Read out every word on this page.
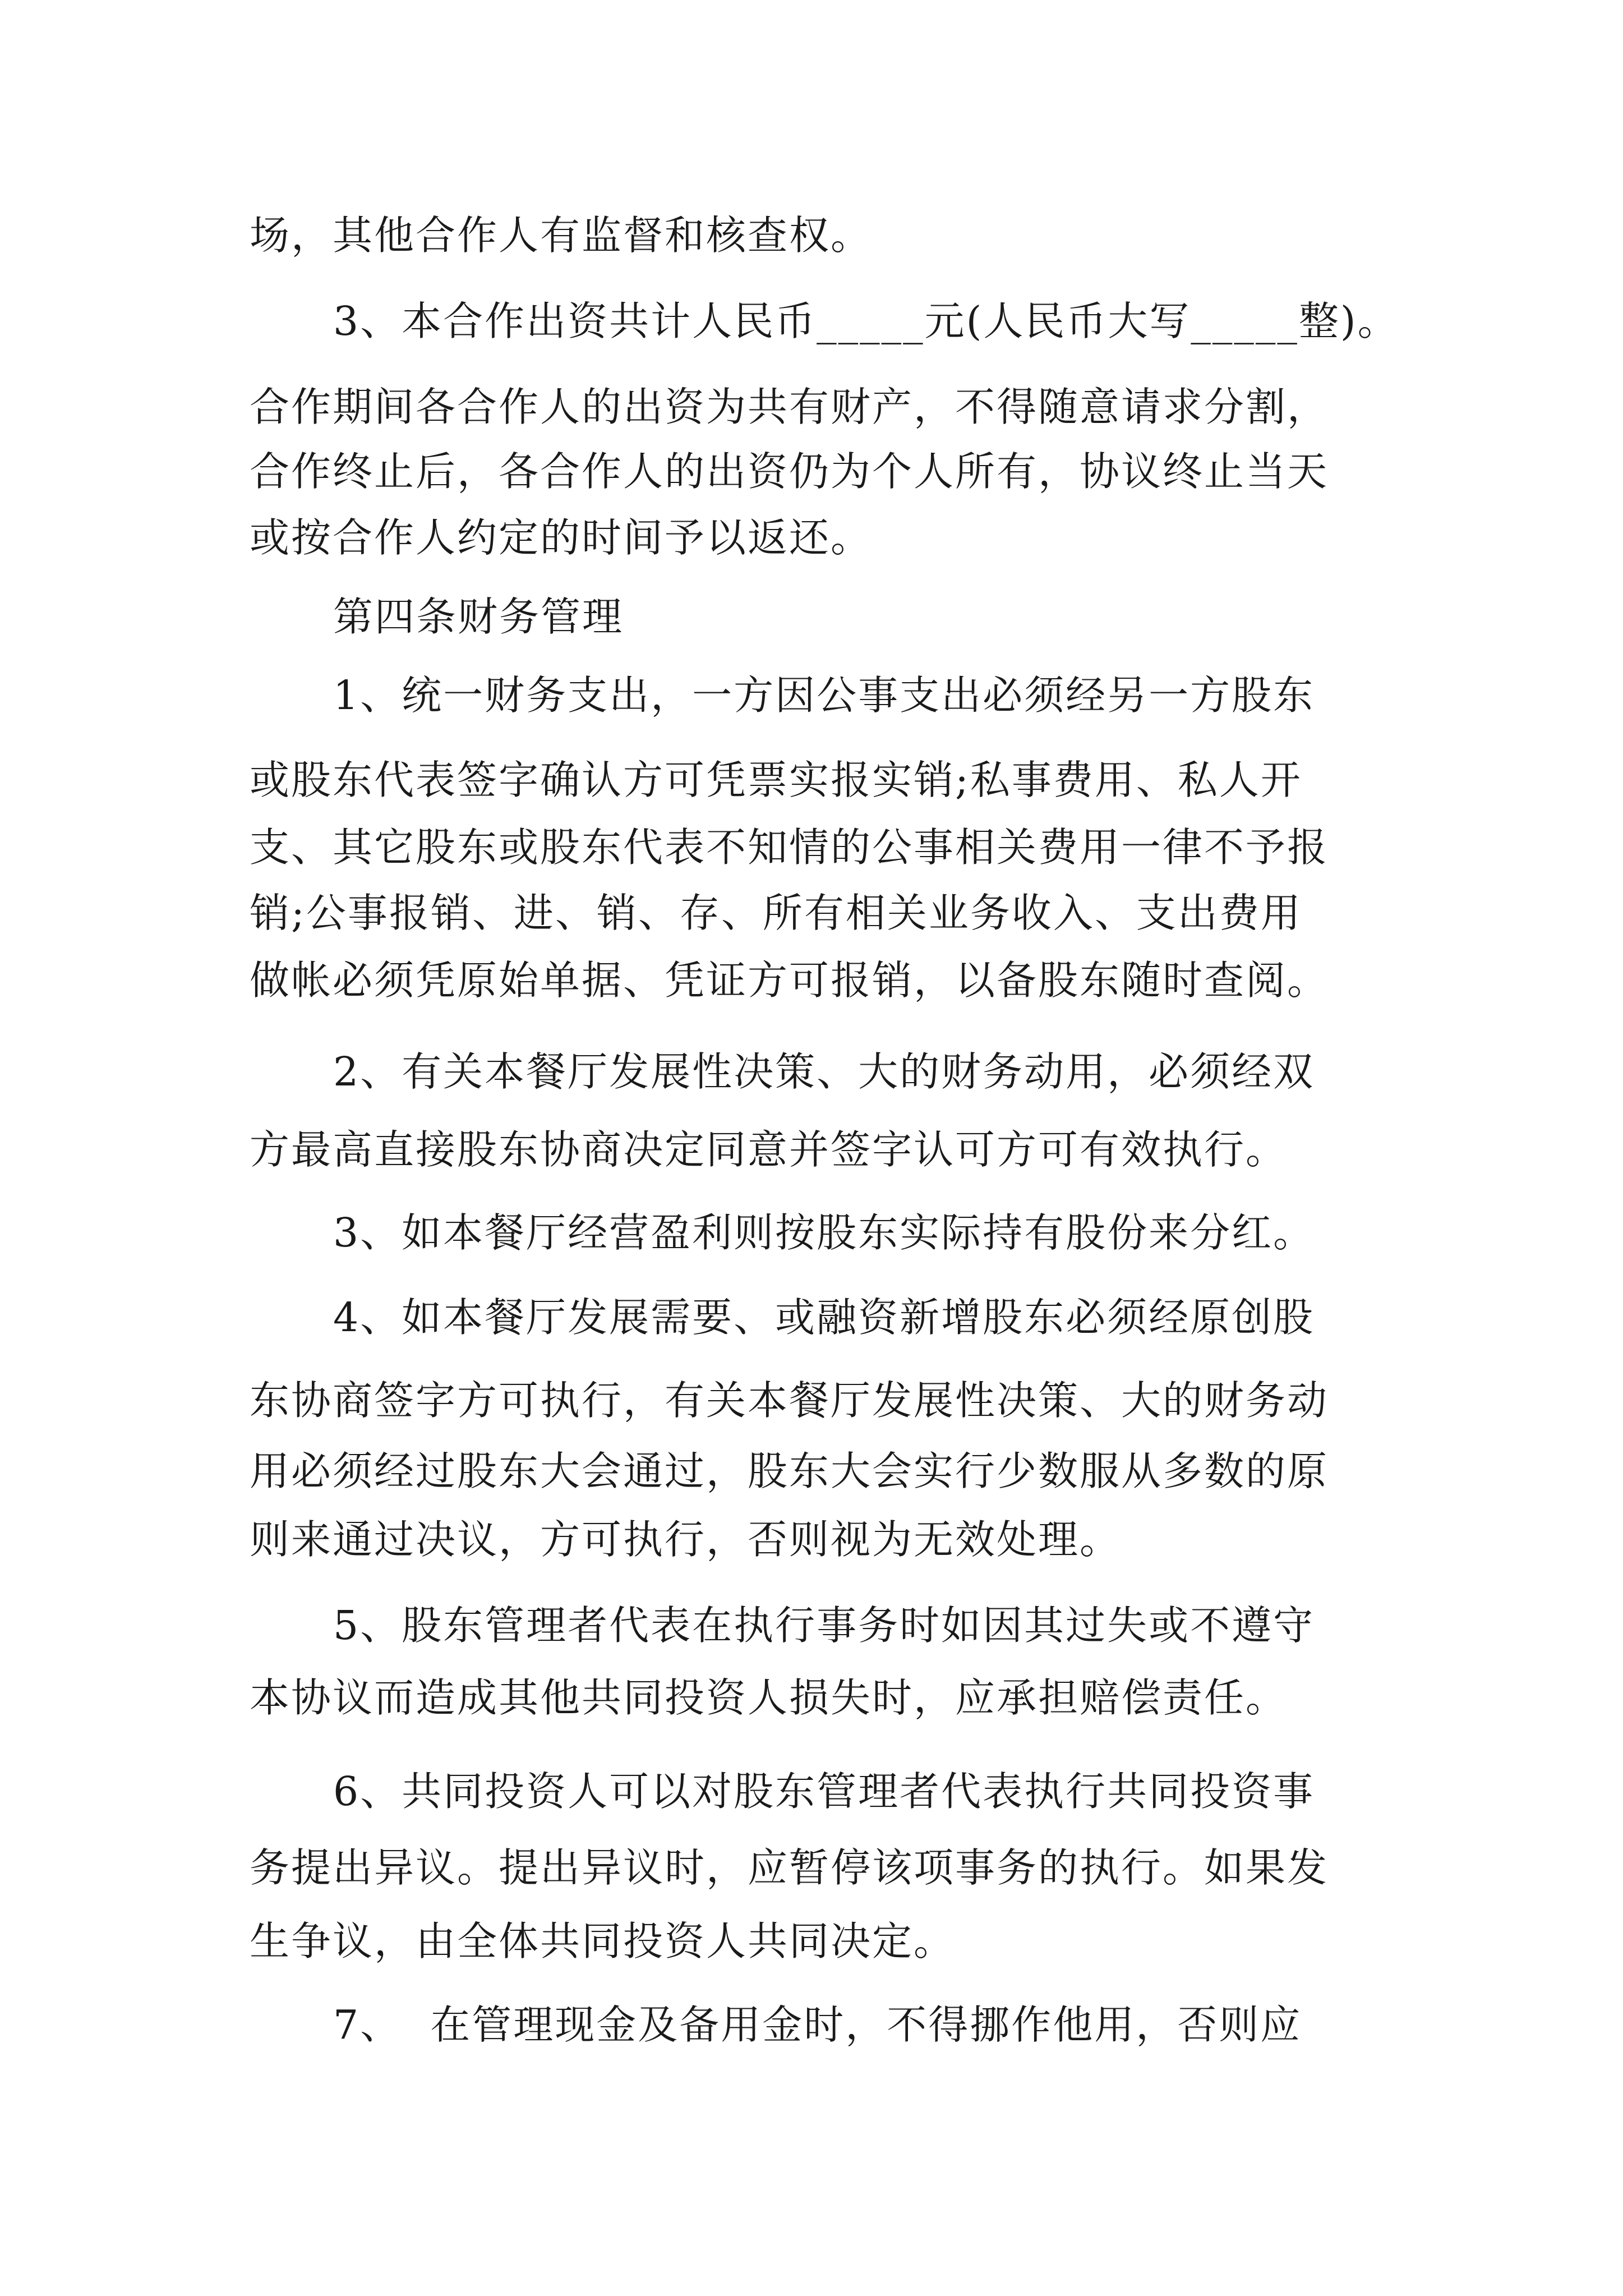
场，其他合作人有监督和核查权。

3、本合作出资共计人民币_____元(人民币大写_____整)。

合作期间各合作人的出资为共有财产，不得随意请求分割，

合作终止后，各合作人的出资仍为个人所有，协议终止当天

或按合作人约定的时间予以返还。

第四条财务管理

1、统一财务支出，一方因公事支出必须经另一方股东

或股东代表签字确认方可凭票实报实销;私事费用、私人开

支、其它股东或股东代表不知情的公事相关费用一律不予报

销;公事报销、进、销、存、所有相关业务收入、支出费用

做帐必须凭原始单据、凭证方可报销，以备股东随时查阅。

2、有关本餐厅发展性决策、大的财务动用，必须经双

方最高直接股东协商决定同意并签字认可方可有效执行。

3、如本餐厅经营盈利则按股东实际持有股份来分红。

4、如本餐厅发展需要、或融资新增股东必须经原创股

东协商签字方可执行，有关本餐厅发展性决策、大的财务动

用必须经过股东大会通过，股东大会实行少数服从多数的原

则来通过决议，方可执行，否则视为无效处理。

5、股东管理者代表在执行事务时如因其过失或不遵守

本协议而造成其他共同投资人损失时，应承担赔偿责任。

6、共同投资人可以对股东管理者代表执行共同投资事

务提出异议。提出异议时，应暂停该项事务的执行。如果发

生争议，由全体共同投资人共同决定。

7、  在管理现金及备用金时，不得挪作他用，否则应
